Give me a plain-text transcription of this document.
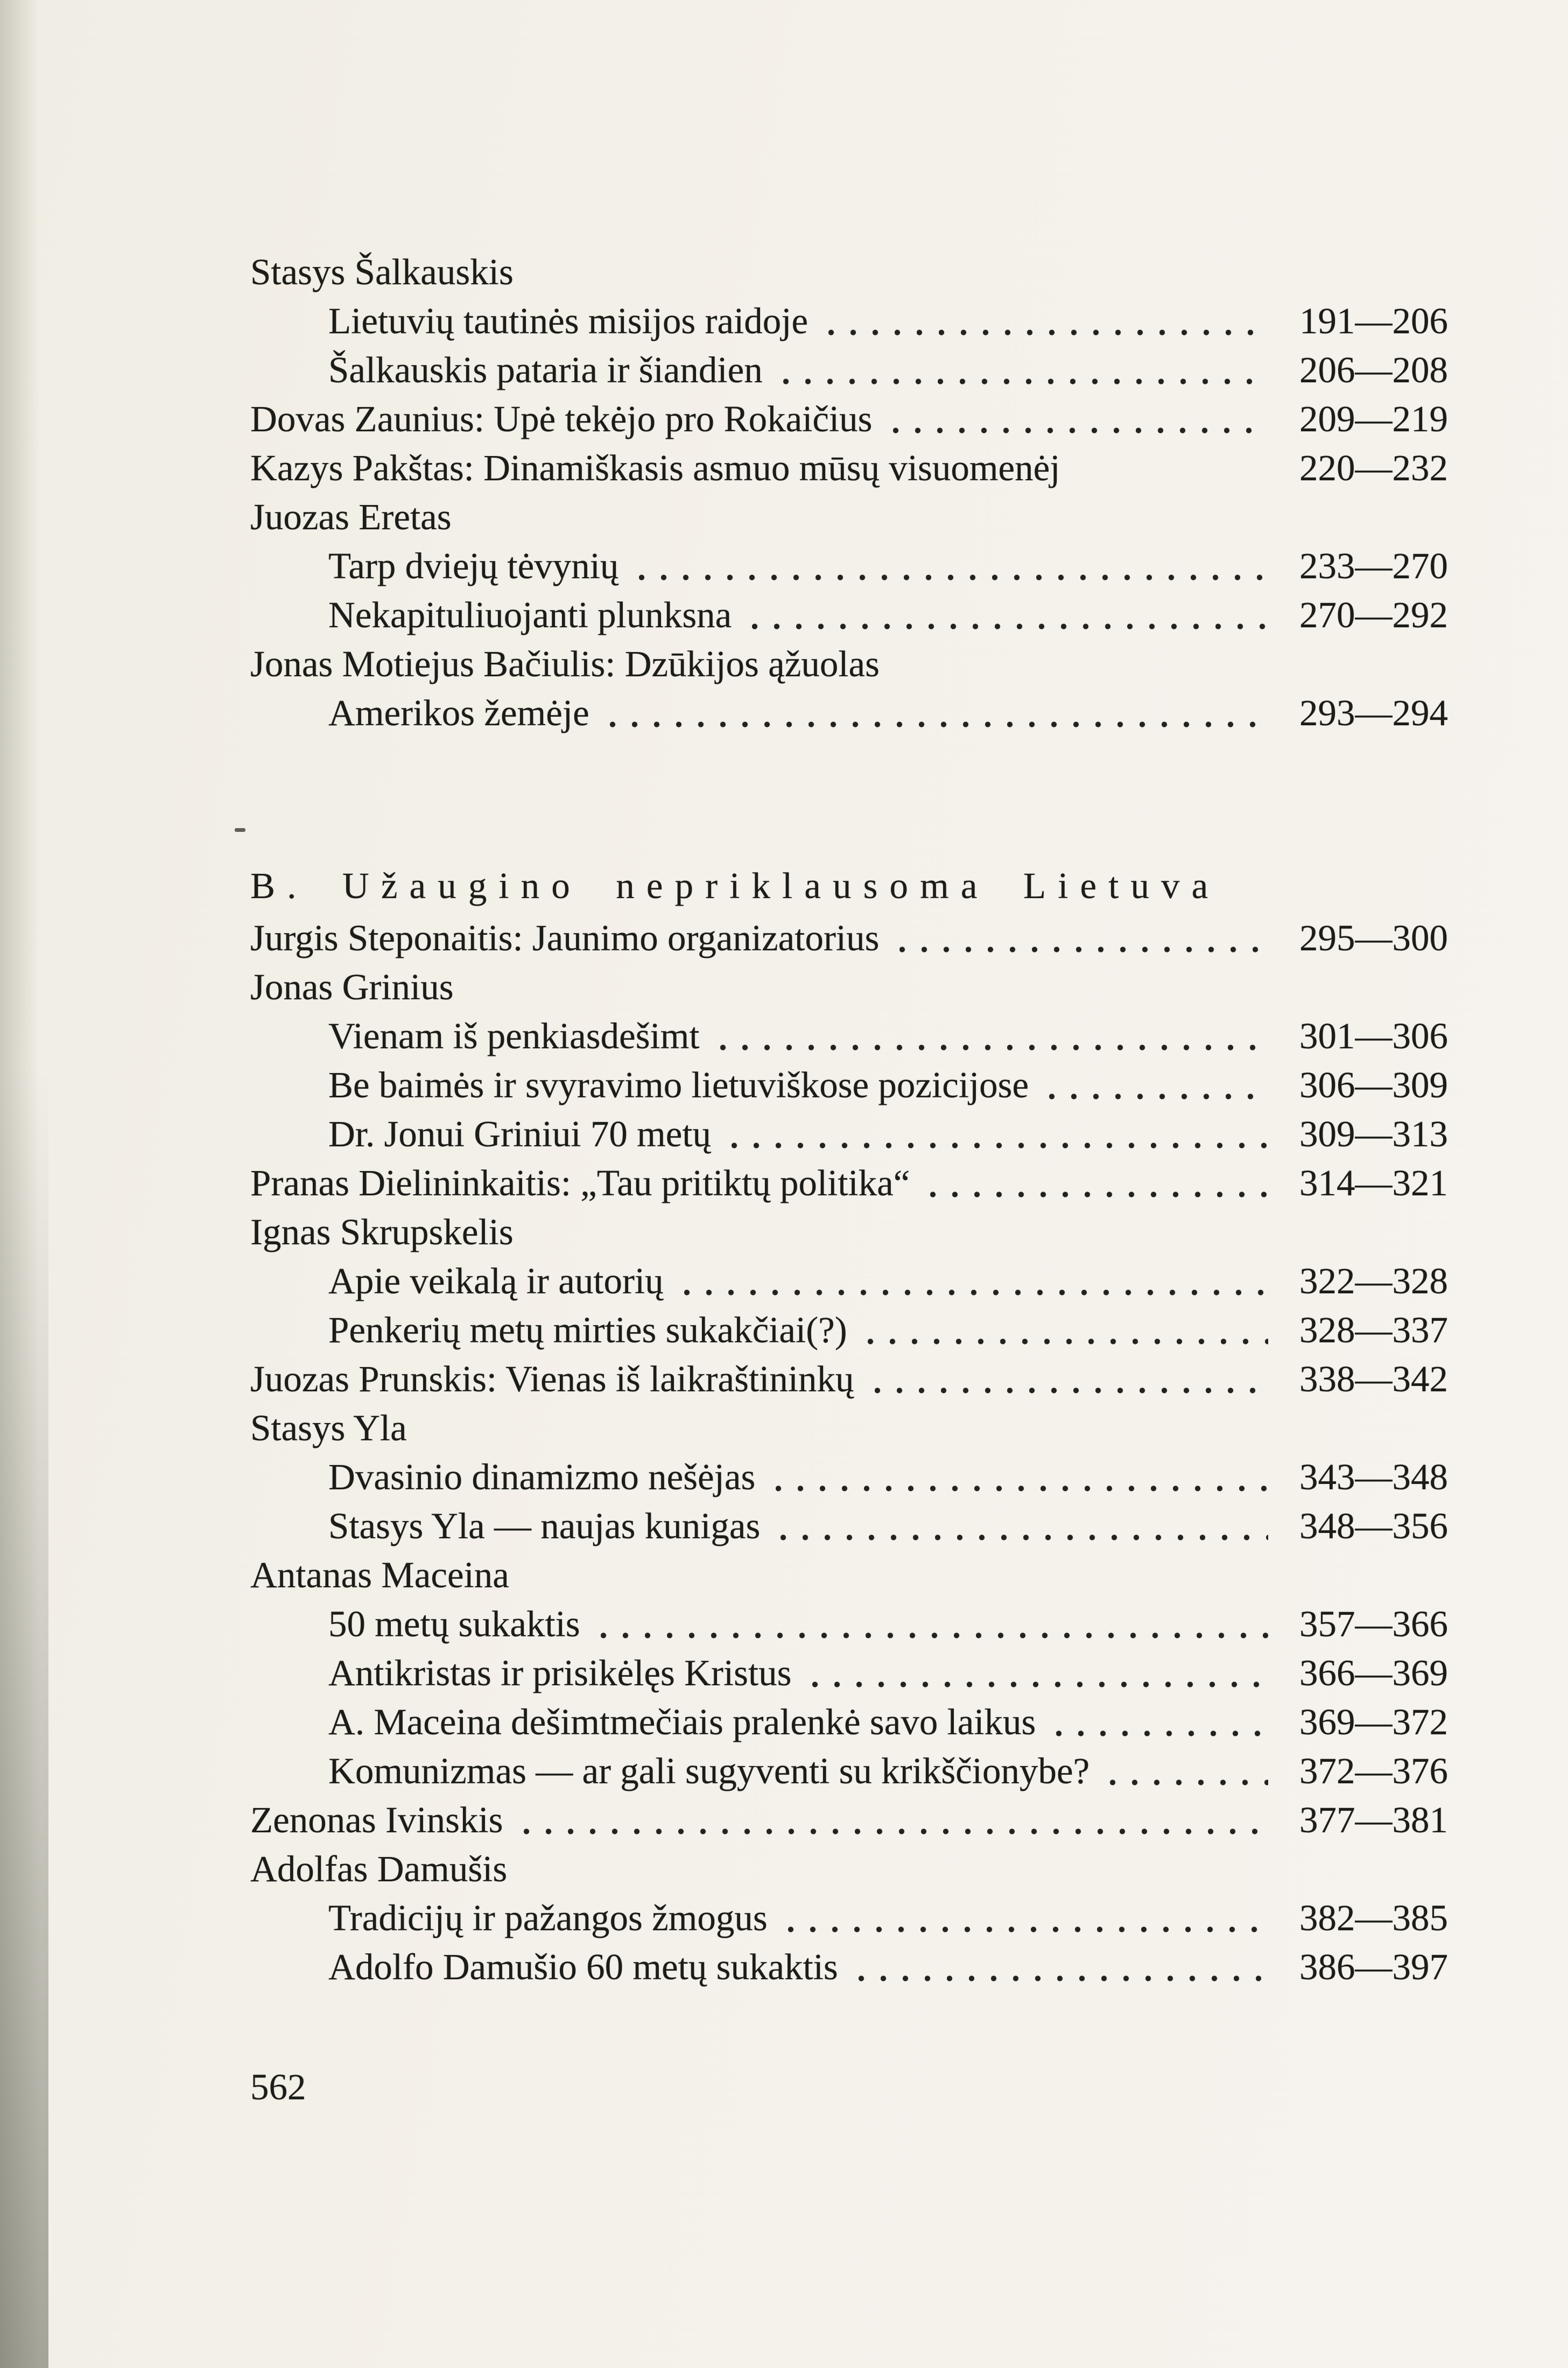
Stasys Šalkauskis
Lietuvių tautinės misijos raidoje	191—206
Šalkauskis pataria ir šiandien	206—208
Dovas Zaunius: Upė tekėjo pro Rokaičius	209—219
Kazys Pakštas: Dinamiškasis asmuo mūsų visuomenėj	220—232
Juozas Eretas
Tarp dviejų tėvynių	233—270
Nekapituliuojanti plunksna	270—292
Jonas Motiejus Bačiulis: Dzūkijos ąžuolas
Amerikos žemėje	293—294
B. Užaugino nepriklausoma Lietuva
Jurgis Steponaitis: Jaunimo organizatorius	295—300
Jonas Grinius
Vienam iš penkiasdešimt	301—306
Be baimės ir svyravimo lietuviškose pozicijose	306—309
Dr. Jonui Griniui 70 metų	309—313
Pranas Dielininkaitis: „Tau pritiktų politika“	314—321
Ignas Skrupskelis
Apie veikalą ir autorių	322—328
Penkerių metų mirties sukakčiai(?)	328—337
Juozas Prunskis: Vienas iš laikraštininkų	338—342
Stasys Yla
Dvasinio dinamizmo nešėjas	343—348
Stasys Yla — naujas kunigas	348—356
Antanas Maceina
50 metų sukaktis	357—366
Antikristas ir prisikėlęs Kristus	366—369
A. Maceina dešimtmečiais pralenkė savo laikus	369—372
Komunizmas — ar gali sugyventi su krikščionybe?	372—376
Zenonas Ivinskis	377—381
Adolfas Damušis
Tradicijų ir pažangos žmogus	382—385
Adolfo Damušio 60 metų sukaktis	386—397
562
